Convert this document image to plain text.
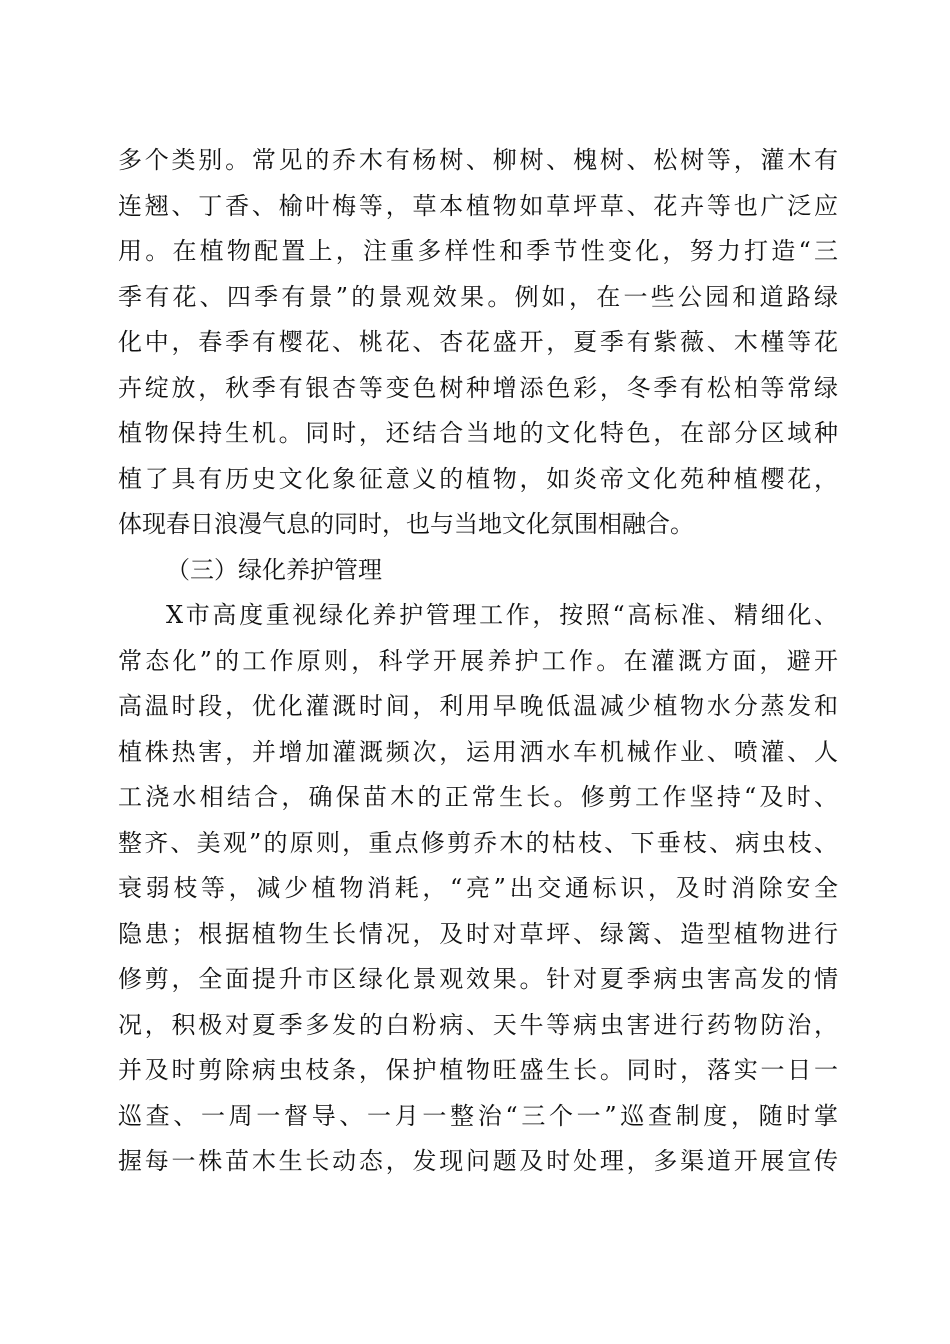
多个类别。常见的乔木有杨树、柳树、槐树、松树等，灌木有
连翘、丁香、榆叶梅等，草本植物如草坪草、花卉等也广泛应
用。在植物配置上，注重多样性和季节性变化，努力打造“三
季有花、四季有景”的景观效果。例如，在一些公园和道路绿
化中，春季有樱花、桃花、杏花盛开，夏季有紫薇、木槿等花
卉绽放，秋季有银杏等变色树种增添色彩，冬季有松柏等常绿
植物保持生机。同时，还结合当地的文化特色，在部分区域种
植了具有历史文化象征意义的植物，如炎帝文化苑种植樱花，
体现春日浪漫气息的同时，也与当地文化氛围相融合。
（三）绿化养护管理
X市高度重视绿化养护管理工作，按照“高标准、精细化、
常态化”的工作原则，科学开展养护工作。在灌溉方面，避开
高温时段，优化灌溉时间，利用早晚低温减少植物水分蒸发和
植株热害，并增加灌溉频次，运用洒水车机械作业、喷灌、人
工浇水相结合，确保苗木的正常生长。修剪工作坚持“及时、
整齐、美观”的原则，重点修剪乔木的枯枝、下垂枝、病虫枝、
衰弱枝等，减少植物消耗，“亮”出交通标识，及时消除安全
隐患；根据植物生长情况，及时对草坪、绿篱、造型植物进行
修剪，全面提升市区绿化景观效果。针对夏季病虫害高发的情
况，积极对夏季多发的白粉病、天牛等病虫害进行药物防治，
并及时剪除病虫枝条，保护植物旺盛生长。同时，落实一日一
巡查、一周一督导、一月一整治“三个一”巡查制度，随时掌
握每一株苗木生长动态，发现问题及时处理，多渠道开展宣传
